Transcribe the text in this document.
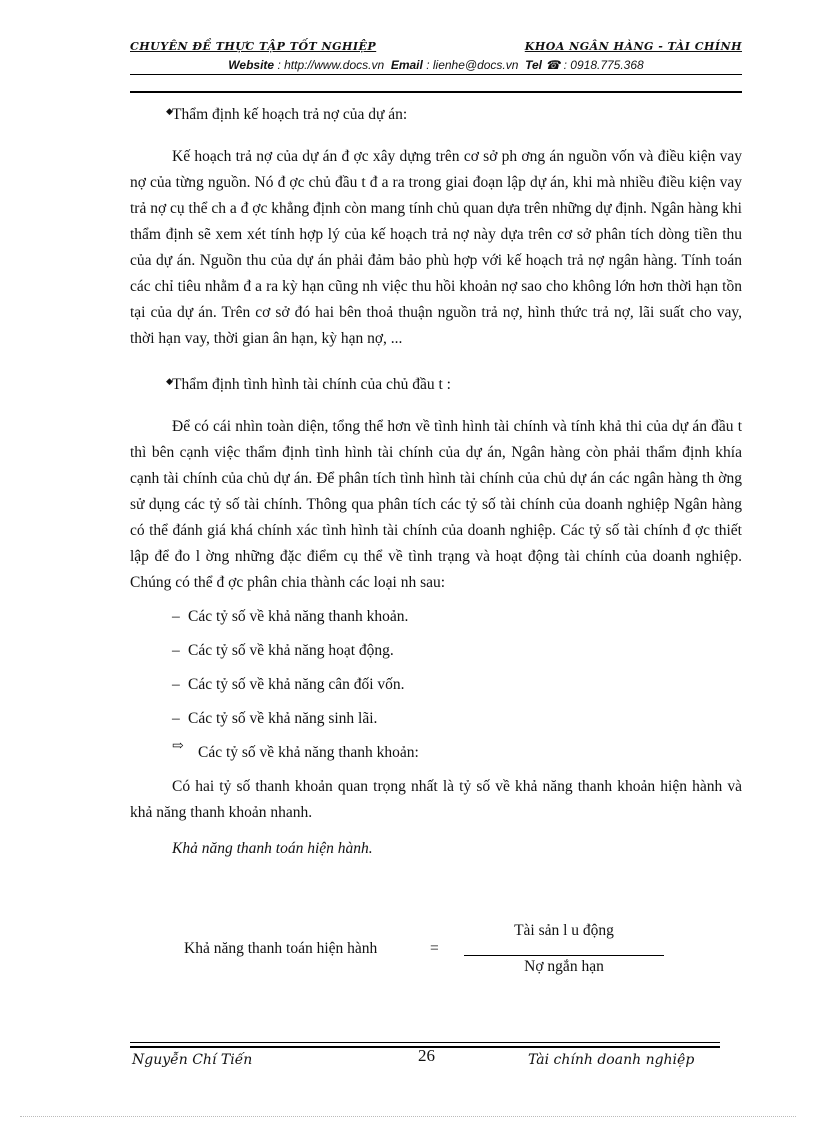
CHUYÊN ĐỀ THỰC TẬP TỐT NGHIỆP	KHOA NGÂN HÀNG - TÀI CHÍNH
Website : http://www.docs.vn Email : lienhe@docs.vn Tel ☎ : 0918.775.368

◆ Thẩm định kế hoạch trả nợ của dự án:

Kế hoạch trả nợ của dự án đ ợc xây dựng trên cơ sở ph ơng án nguồn vốn và điều kiện vay nợ của từng nguồn. Nó đ ợc chủ đầu t đ a ra trong giai đoạn lập dự án, khi mà nhiều điều kiện vay trả nợ cụ thể ch a đ ợc khẳng định còn mang tính chủ quan dựa trên những dự định. Ngân hàng khi thẩm định sẽ xem xét tính hợp lý của kế hoạch trả nợ này dựa trên cơ sở phân tích dòng tiền thu của dự án. Nguồn thu của dự án phải đảm bảo phù hợp với kế hoạch trả nợ ngân hàng. Tính toán các chỉ tiêu nhằm đ a ra kỳ hạn cũng nh việc thu hồi khoản nợ sao cho không lớn hơn thời hạn tồn tại của dự án. Trên cơ sở đó hai bên thoả thuận nguồn trả nợ, hình thức trả nợ, lãi suất cho vay, thời hạn vay, thời gian ân hạn, kỳ hạn nợ, ...

◆ Thẩm định tình hình tài chính của chủ đầu t :

Để có cái nhìn toàn diện, tổng thể hơn về tình hình tài chính và tính khả thi của dự án đầu t thì bên cạnh việc thẩm định tình hình tài chính của dự án, Ngân hàng còn phải thẩm định khía cạnh tài chính của chủ dự án. Để phân tích tình hình tài chính của chủ dự án các ngân hàng th ờng sử dụng các tỷ số tài chính. Thông qua phân tích các tỷ số tài chính của doanh nghiệp Ngân hàng có thể đánh giá khá chính xác tình hình tài chính của doanh nghiệp. Các tỷ số tài chính đ ợc thiết lập để đo l ờng những đặc điểm cụ thể về tình trạng và hoạt động tài chính của doanh nghiệp. Chúng có thể đ ợc phân chia thành các loại nh sau:

– Các tỷ số về khả năng thanh khoản.
– Các tỷ số về khả năng hoạt động.
– Các tỷ số về khả năng cân đối vốn.
– Các tỷ số về khả năng sinh lãi.

⇨ Các tỷ số về khả năng thanh khoản:

Có hai tỷ số thanh khoản quan trọng nhất là tỷ số về khả năng thanh khoản hiện hành và khả năng thanh khoản nhanh.

Khả năng thanh toán hiện hành.

Khả năng thanh toán hiện hành	=
Tài sản l u động
Nợ ngắn hạn
Nguyễn Chí Tiến	26	Tài chính doanh nghiệp
